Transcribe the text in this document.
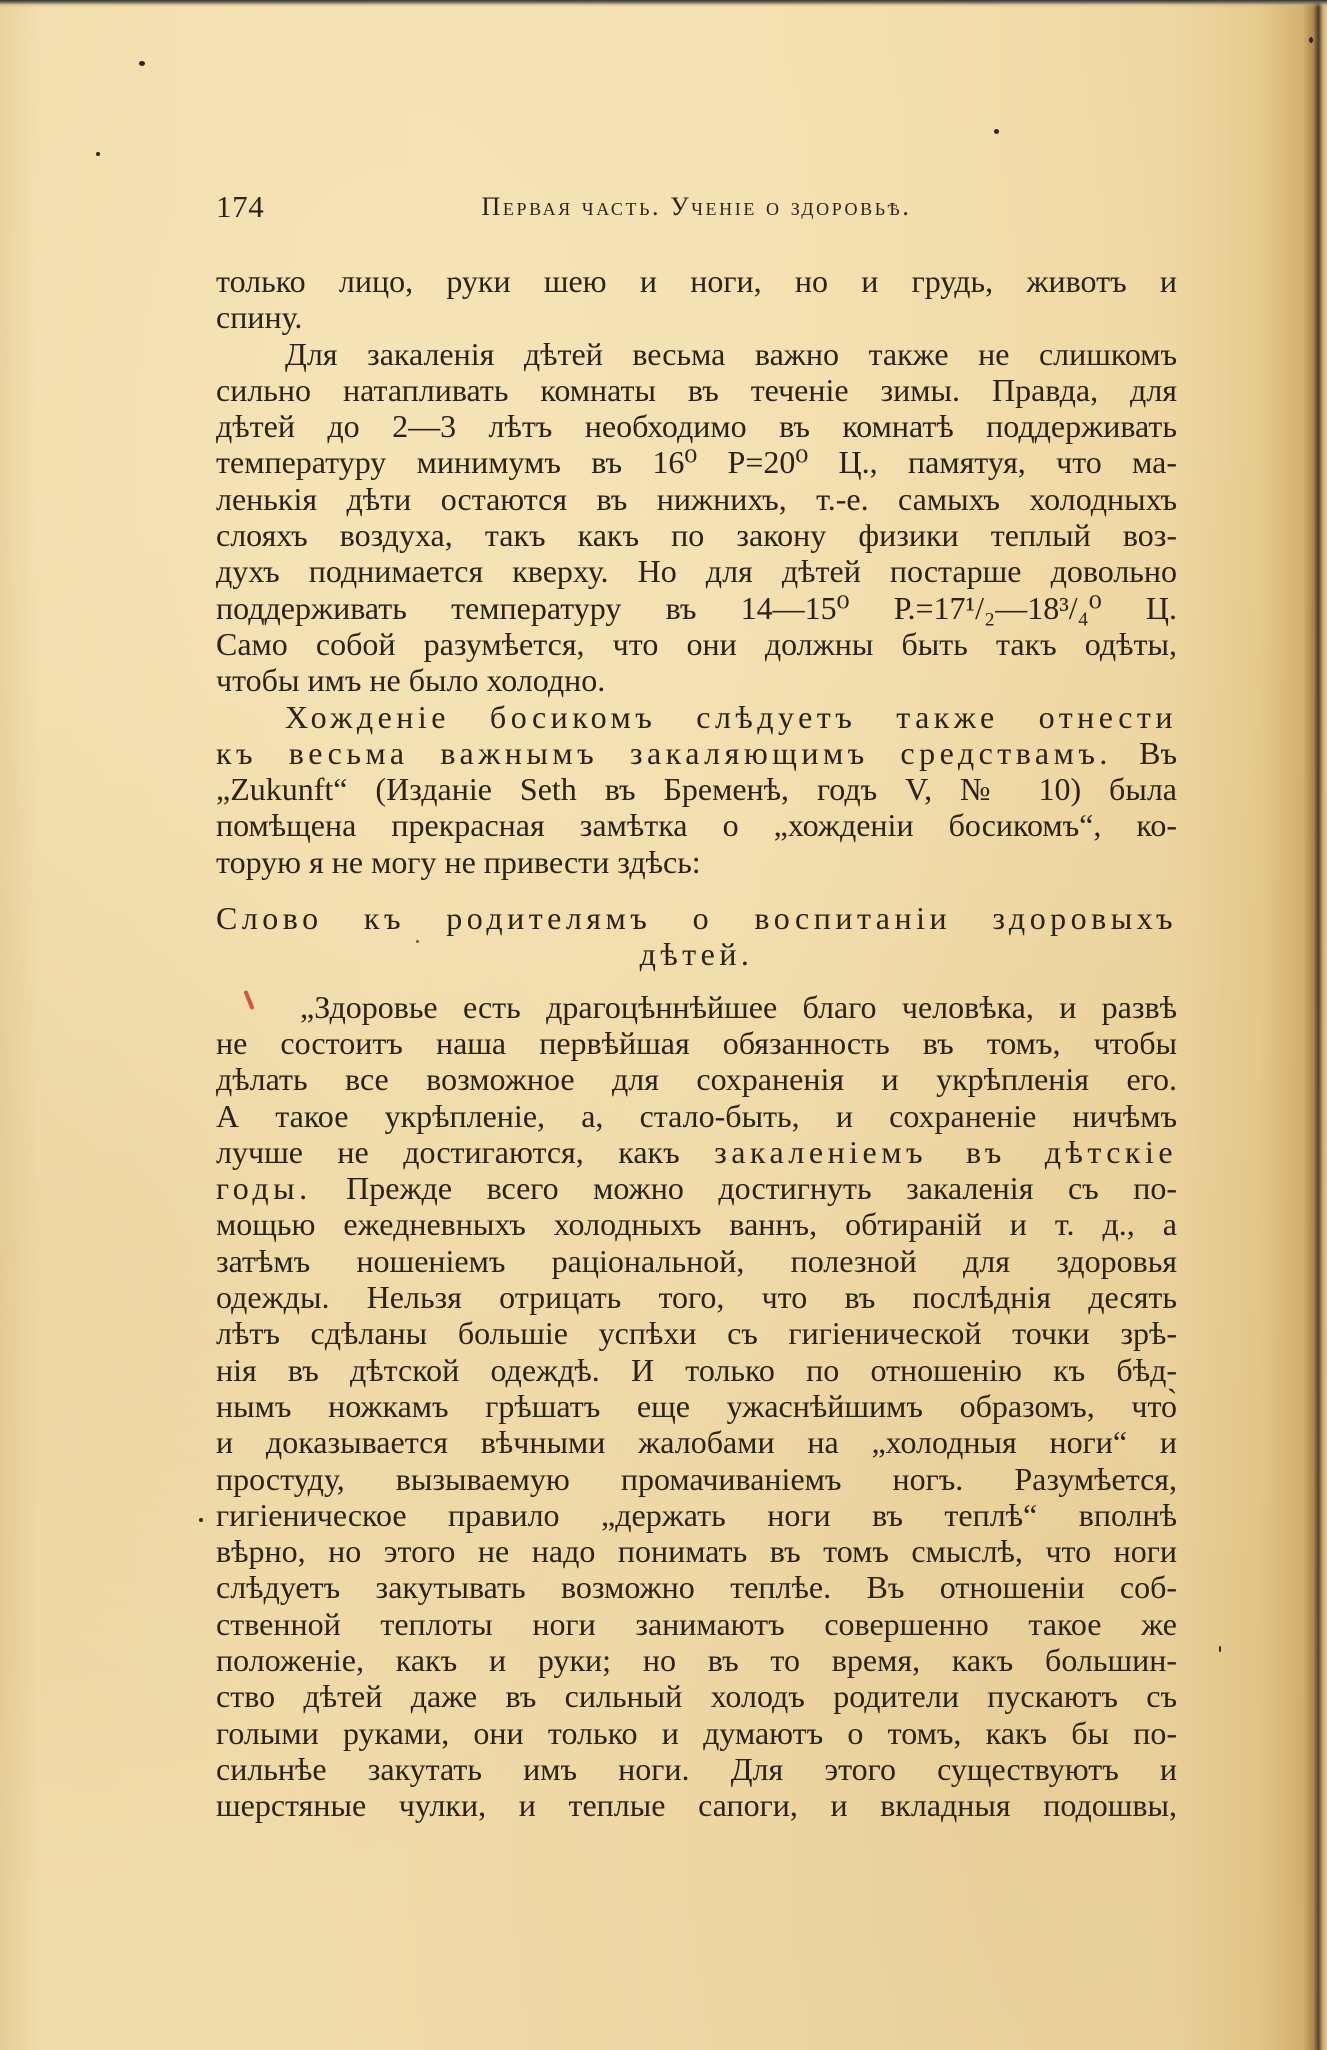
174	Первая часть. Ученіе о здоровьѣ.
только лицо, руки шею и ноги, но и грудь, животъ и
спину.
Для закаленія дѣтей весьма важно также не слишкомъ
сильно натапливать комнаты въ теченіе зимы. Правда, для
дѣтей до 2—3 лѣтъ необходимо въ комнатѣ поддерживать
температуру минимумъ въ 16⁰ Р=20⁰ Ц., памятуя, что ма-
ленькія дѣти остаются въ нижнихъ, т.-е. самыхъ холодныхъ
слояхъ воздуха, такъ какъ по закону физики теплый воз-
духъ поднимается кверху. Но для дѣтей постарше довольно
поддерживать температуру въ 14—15⁰ Р.=17¹/₂—18³/₄⁰ Ц.
Само собой разумѣется, что они должны быть такъ одѣты,
чтобы имъ не было холодно.
Хожденіе босикомъ слѣдуетъ также отнести
къ весьма важнымъ закаляющимъ средствамъ. Въ
„Zukunft“ (Изданіе Seth въ Бременѣ, годъ V, № 10) была
помѣщена прекрасная замѣтка о „хожденіи босикомъ“, ко-
торую я не могу не привести здѣсь:
Слово къ родителямъ о воспитаніи здоровыхъ
дѣтей.
„Здоровье есть драгоцѣннѣйшее благо человѣка, и развѣ
не состоитъ наша первѣйшая обязанность въ томъ, чтобы
дѣлать все возможное для сохраненія и укрѣпленія его.
А такое укрѣпленіе, а, стало-быть, и сохраненіе ничѣмъ
лучше не достигаются, какъ закаленіемъ въ дѣтскіе
годы. Прежде всего можно достигнуть закаленія съ по-
мощью ежедневныхъ холодныхъ ваннъ, обтираній и т. д., а
затѣмъ ношеніемъ раціональной, полезной для здоровья
одежды. Нельзя отрицать того, что въ послѣднія десять
лѣтъ сдѣланы большіе успѣхи съ гигіенической точки зрѣ-
нія въ дѣтской одеждѣ. И только по отношенію къ бѣд-
нымъ ножкамъ грѣшатъ еще ужаснѣйшимъ образомъ, что̀
и доказывается вѣчными жалобами на „холодныя ноги“ и
простуду, вызываемую промачиваніемъ ногъ. Разумѣется,
гигіеническое правило „держать ноги въ теплѣ“ вполнѣ
вѣрно, но этого не надо понимать въ томъ смыслѣ, что ноги
слѣдуетъ закутывать возможно теплѣе. Въ отношеніи соб-
ственной теплоты ноги занимаютъ совершенно такое же
положеніе, какъ и руки; но въ то время, какъ большин-
ство дѣтей даже въ сильный холодъ родители пускаютъ съ
голыми руками, они только и думаютъ о томъ, какъ бы по-
сильнѣе закутать имъ ноги. Для этого существуютъ и
шерстяные чулки, и теплые сапоги, и вкладныя подошвы,
